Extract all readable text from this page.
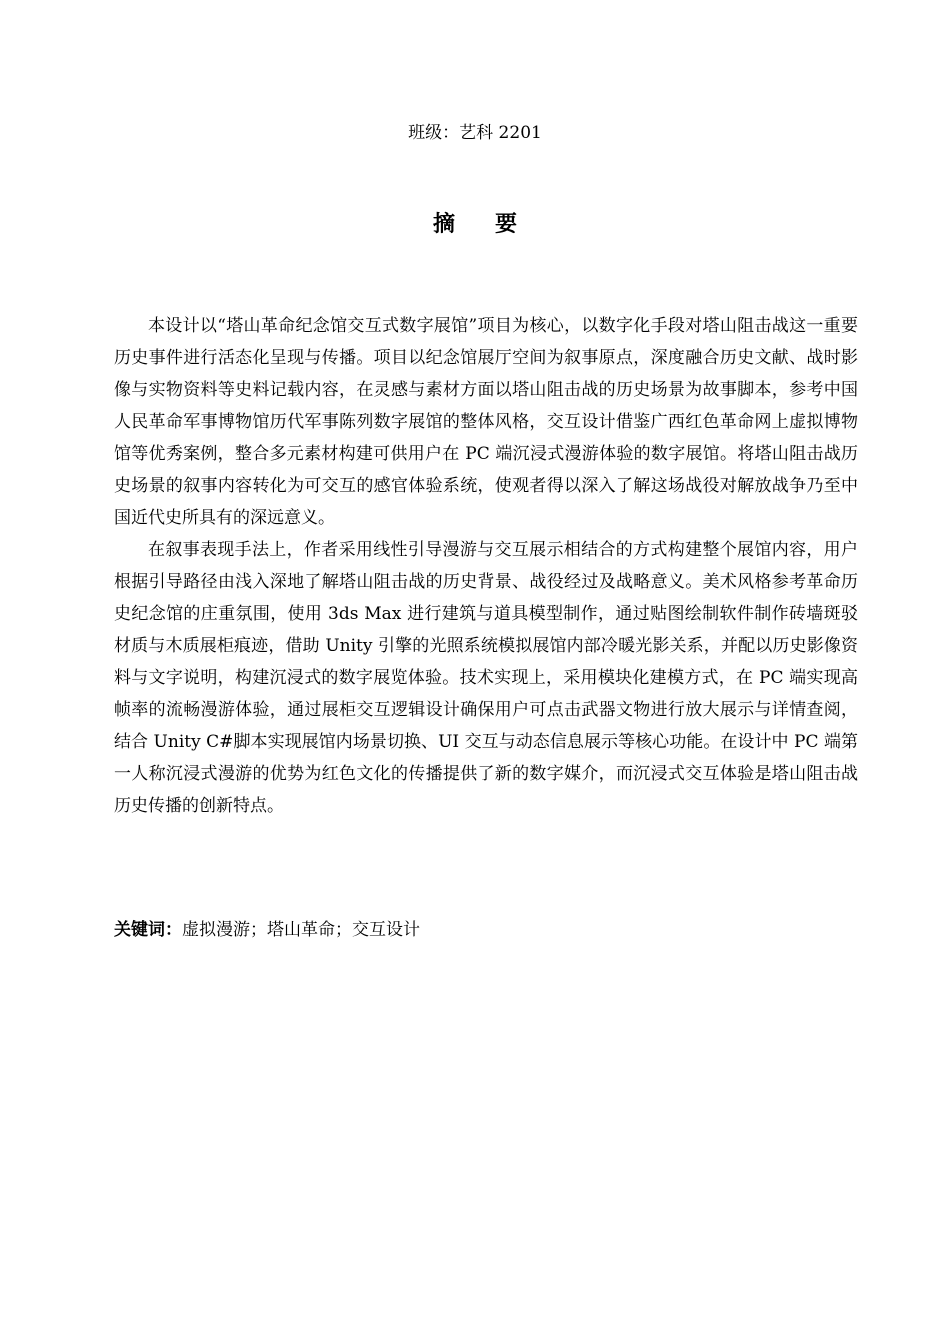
班级：艺科 2201
摘要

本设计以“塔山革命纪念馆交互式数字展馆”项目为核心，以数字化手段对塔山阻击战这一重要历史事件进行活态化呈现与传播。项目以纪念馆展厅空间为叙事原点，深度融合历史文献、战时影像与实物资料等史料记载内容，在灵感与素材方面以塔山阻击战的历史场景为故事脚本，参考中国人民革命军事博物馆历代军事陈列数字展馆的整体风格，交互设计借鉴广西红色革命网上虚拟博物馆等优秀案例，整合多元素材构建可供用户在 PC 端沉浸式漫游体验的数字展馆。将塔山阻击战历史场景的叙事内容转化为可交互的感官体验系统，使观者得以深入了解这场战役对解放战争乃至中国近代史所具有的深远意义。

在叙事表现手法上，作者采用线性引导漫游与交互展示相结合的方式构建整个展馆内容，用户根据引导路径由浅入深地了解塔山阻击战的历史背景、战役经过及战略意义。美术风格参考革命历史纪念馆的庄重氛围，使用 3ds Max 进行建筑与道具模型制作，通过贴图绘制软件制作砖墙斑驳材质与木质展柜痕迹，借助 Unity 引擎的光照系统模拟展馆内部冷暖光影关系，并配以历史影像资料与文字说明，构建沉浸式的数字展览体验。技术实现上，采用模块化建模方式，在 PC 端实现高帧率的流畅漫游体验，通过展柜交互逻辑设计确保用户可点击武器文物进行放大展示与详情查阅，结合 Unity C#脚本实现展馆内场景切换、UI 交互与动态信息展示等核心功能。在设计中 PC 端第一人称沉浸式漫游的优势为红色文化的传播提供了新的数字媒介，而沉浸式交互体验是塔山阻击战历史传播的创新特点。

关键词：虚拟漫游；塔山革命；交互设计
